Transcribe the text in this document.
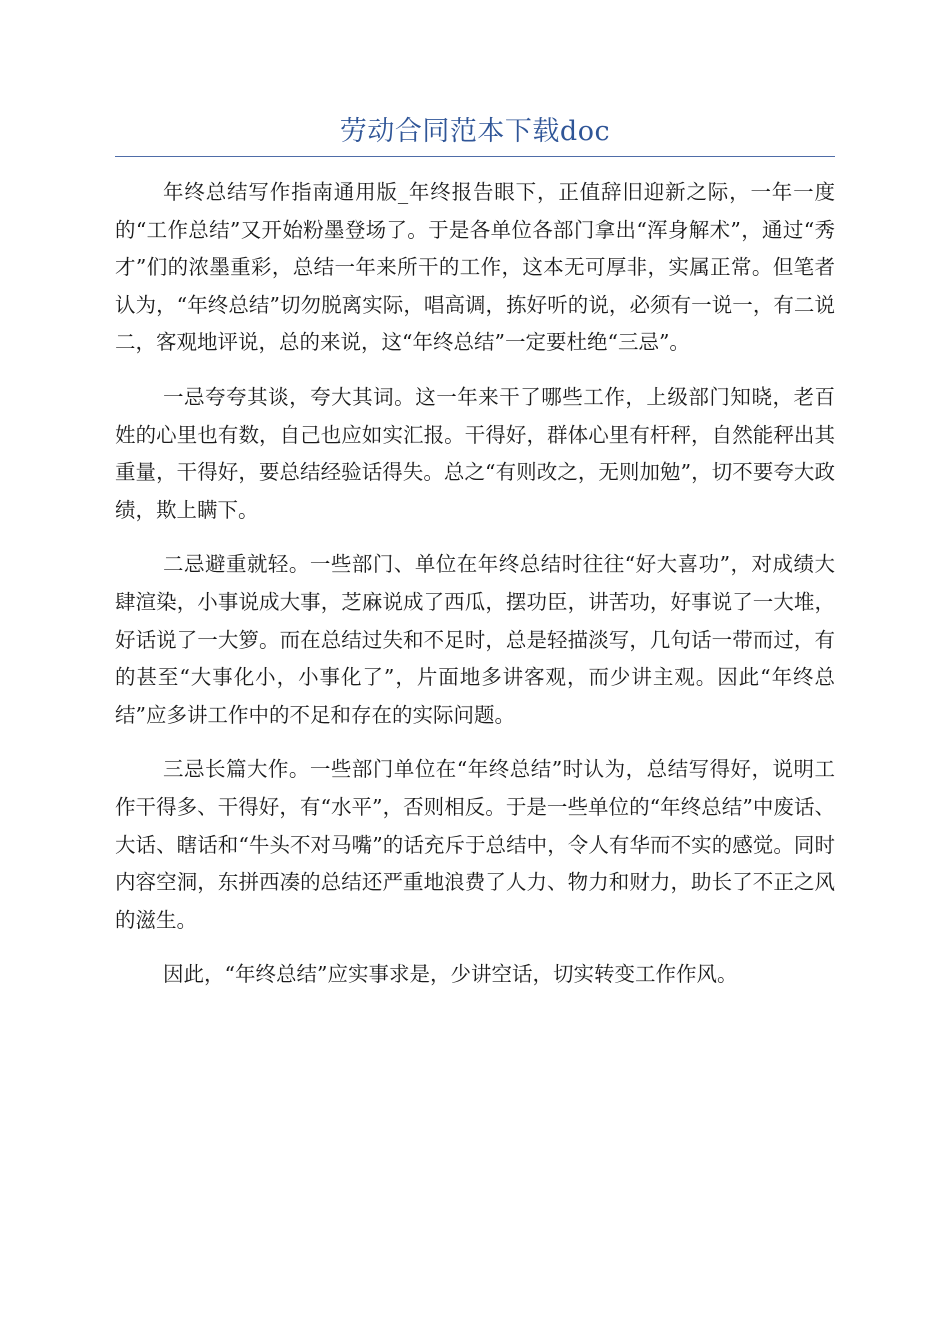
劳动合同范本下载doc

年终总结写作指南通用版_年终报告眼下，正值辞旧迎新之际，一年一度的“工作总结”又开始粉墨登场了。于是各单位各部门拿出“浑身解术”，通过“秀才”们的浓墨重彩，总结一年来所干的工作，这本无可厚非，实属正常。但笔者认为，“年终总结”切勿脱离实际，唱高调，拣好听的说，必须有一说一，有二说二，客观地评说，总的来说，这“年终总结”一定要杜绝“三忌”。

一忌夸夸其谈，夸大其词。这一年来干了哪些工作，上级部门知晓，老百姓的心里也有数，自己也应如实汇报。干得好，群体心里有杆秤，自然能秤出其重量，干得好，要总结经验话得失。总之“有则改之，无则加勉”，切不要夸大政绩，欺上瞒下。

二忌避重就轻。一些部门、单位在年终总结时往往“好大喜功”，对成绩大肆渲染，小事说成大事，芝麻说成了西瓜，摆功臣，讲苦功，好事说了一大堆，好话说了一大箩。而在总结过失和不足时，总是轻描淡写，几句话一带而过，有的甚至“大事化小，小事化了”，片面地多讲客观，而少讲主观。因此“年终总结”应多讲工作中的不足和存在的实际问题。

三忌长篇大作。一些部门单位在“年终总结”时认为，总结写得好，说明工作干得多、干得好，有“水平”，否则相反。于是一些单位的“年终总结”中废话、大话、瞎话和“牛头不对马嘴”的话充斥于总结中，令人有华而不实的感觉。同时内容空洞，东拼西凑的总结还严重地浪费了人力、物力和财力，助长了不正之风的滋生。

因此，“年终总结”应实事求是，少讲空话，切实转变工作作风。
